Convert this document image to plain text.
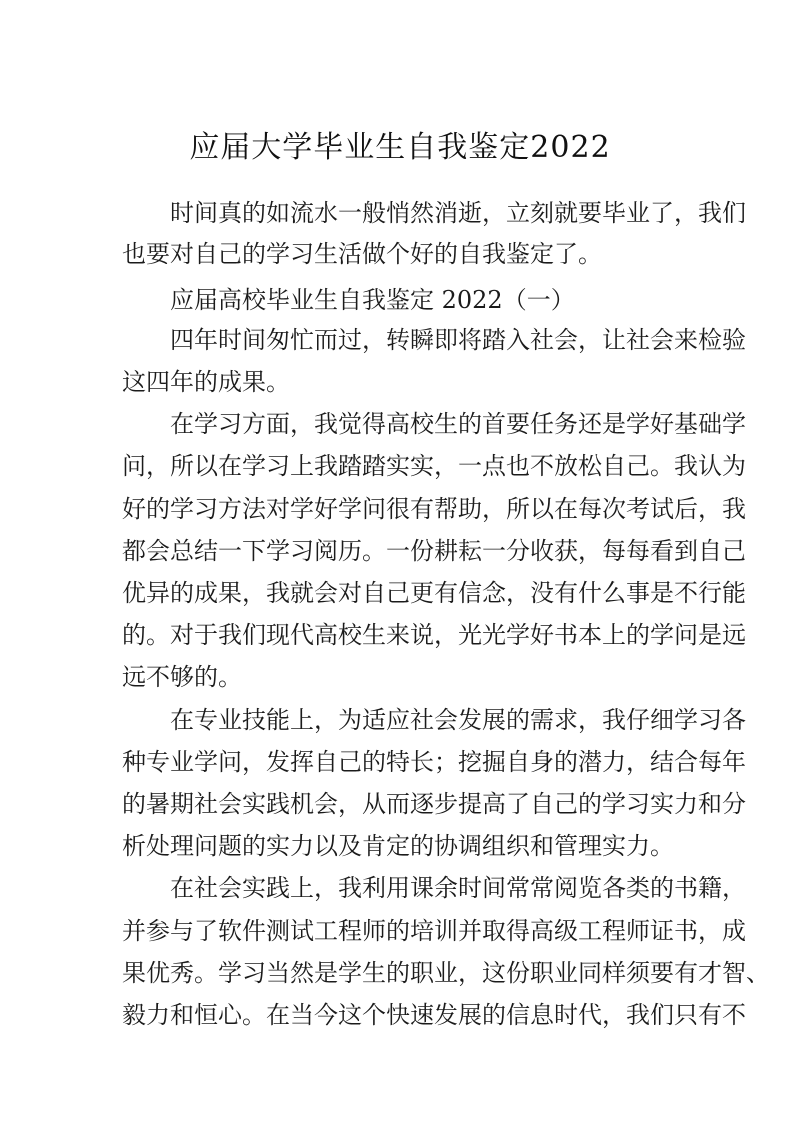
应届大学毕业生自我鉴定2022
时间真的如流水一般悄然消逝，立刻就要毕业了，我们
也要对自己的学习生活做个好的自我鉴定了。
应届高校毕业生自我鉴定 2022（一）
四年时间匆忙而过，转瞬即将踏入社会，让社会来检验
这四年的成果。
在学习方面，我觉得高校生的首要任务还是学好基础学
问，所以在学习上我踏踏实实，一点也不放松自己。我认为
好的学习方法对学好学问很有帮助，所以在每次考试后，我
都会总结一下学习阅历。一份耕耘一分收获，每每看到自己
优异的成果，我就会对自己更有信念，没有什么事是不行能
的。对于我们现代高校生来说，光光学好书本上的学问是远
远不够的。
在专业技能上，为适应社会发展的需求，我仔细学习各
种专业学问，发挥自己的特长；挖掘自身的潜力，结合每年
的暑期社会实践机会，从而逐步提高了自己的学习实力和分
析处理问题的实力以及肯定的协调组织和管理实力。
在社会实践上，我利用课余时间常常阅览各类的书籍，
并参与了软件测试工程师的培训并取得高级工程师证书，成
果优秀。学习当然是学生的职业，这份职业同样须要有才智、
毅力和恒心。在当今这个快速发展的信息时代，我们只有不
